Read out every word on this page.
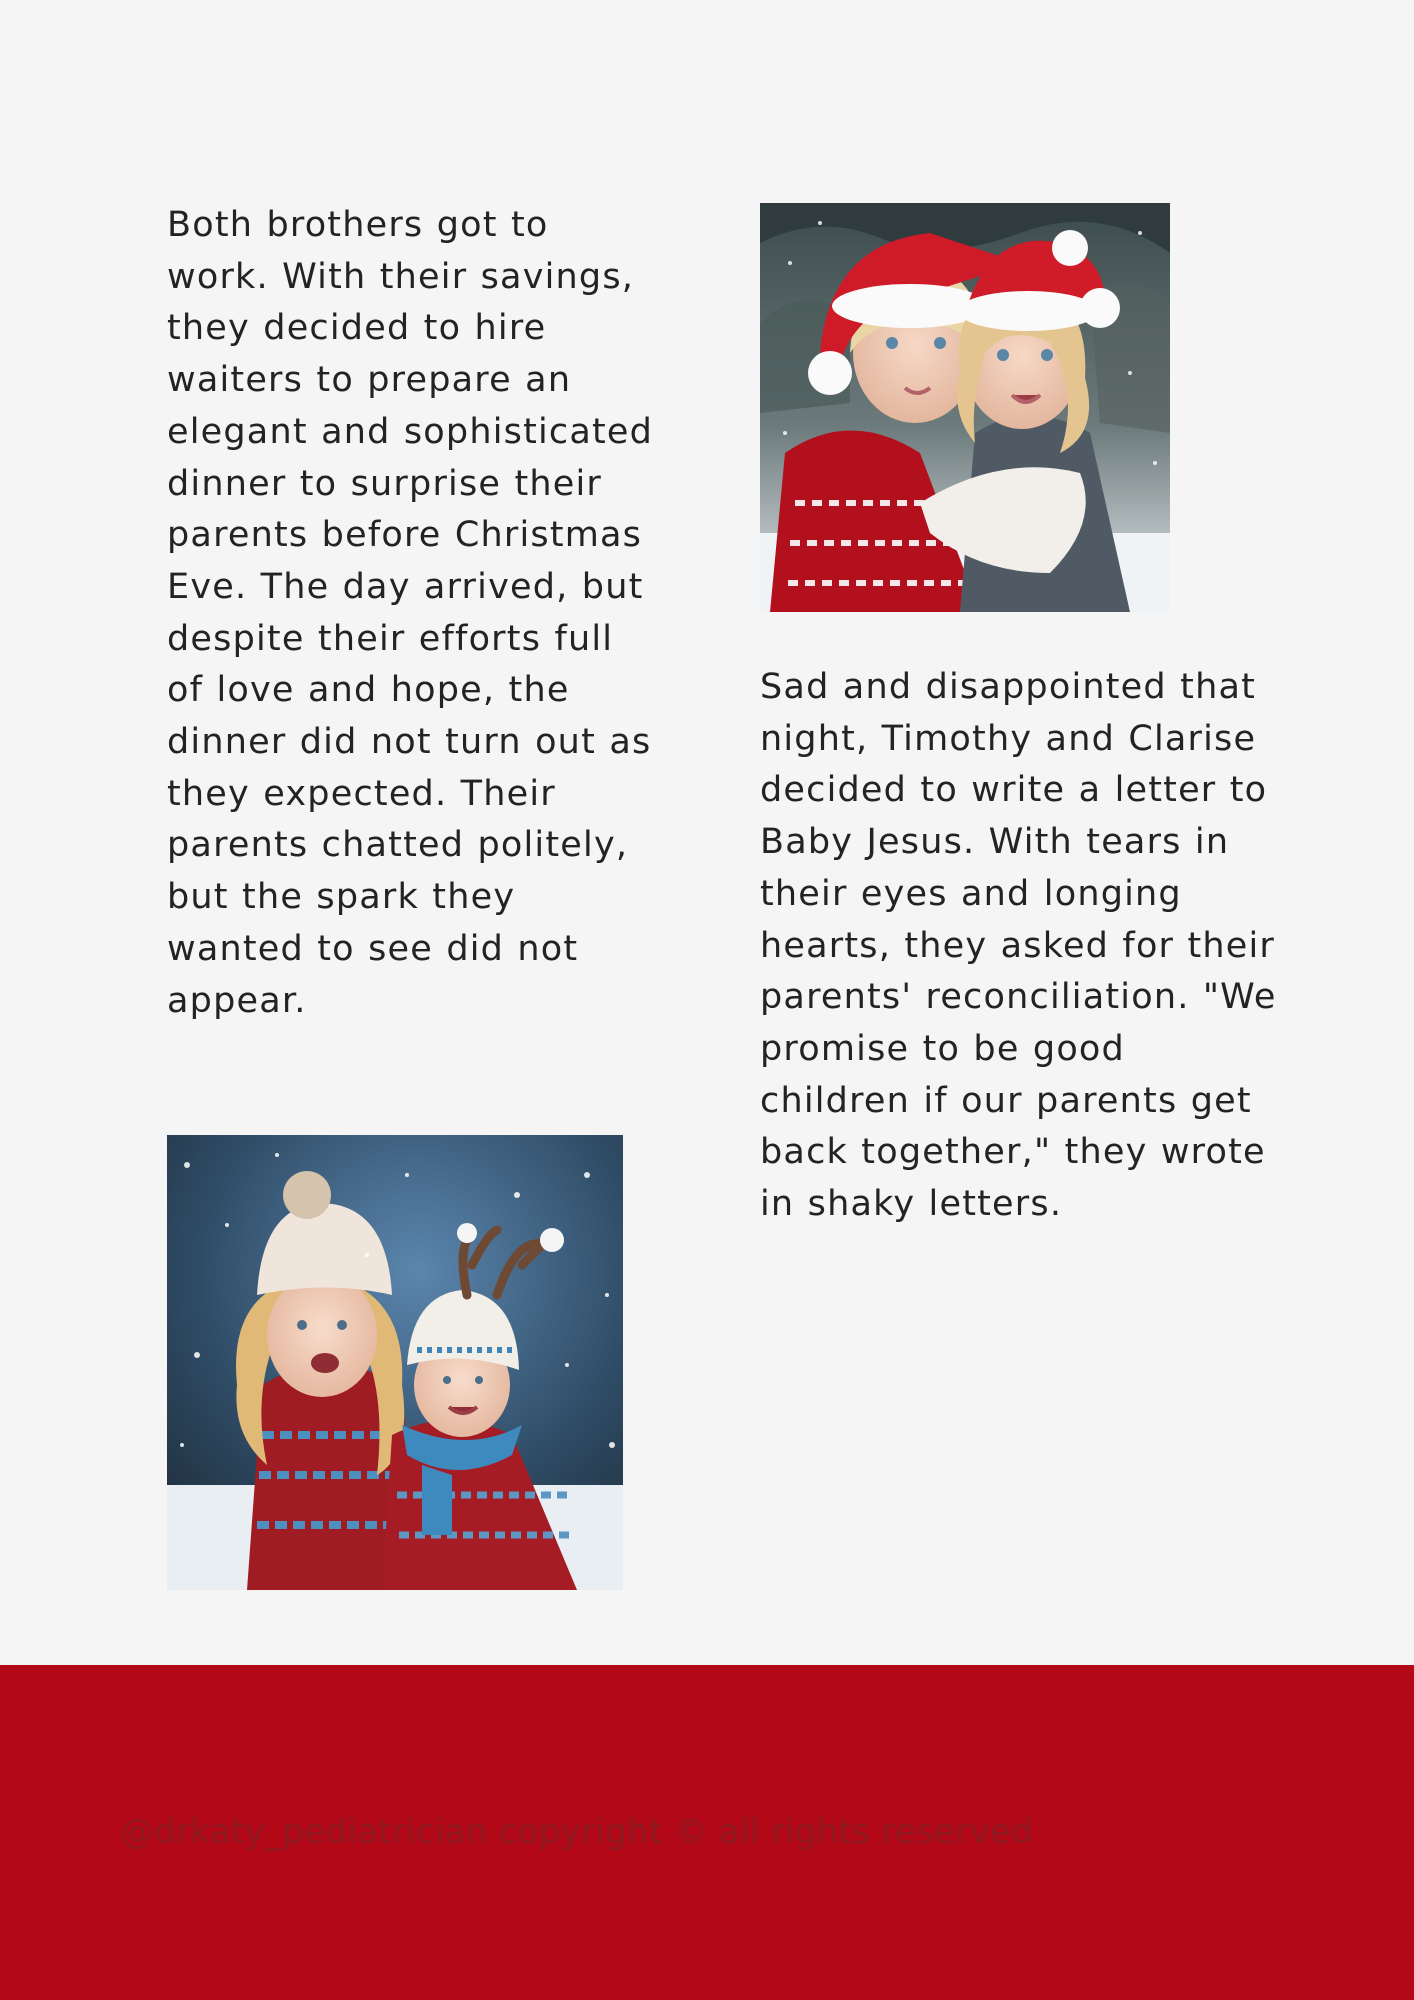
Both brothers got to work. With their savings, they decided to hire waiters to prepare an elegant and sophisticated dinner to surprise their parents before Christmas Eve. The day arrived, but despite their efforts full of love and hope, the dinner did not turn out as they expected. Their parents chatted politely, but the spark they wanted to see did not appear.

Sad and disappointed that night, Timothy and Clarise decided to write a letter to Baby Jesus. With tears in their eyes and longing hearts, they asked for their parents' reconciliation. "We promise to be good children if our parents get back together," they wrote in shaky letters.

@drkaty_pediatrician copyright © all rights reserved
